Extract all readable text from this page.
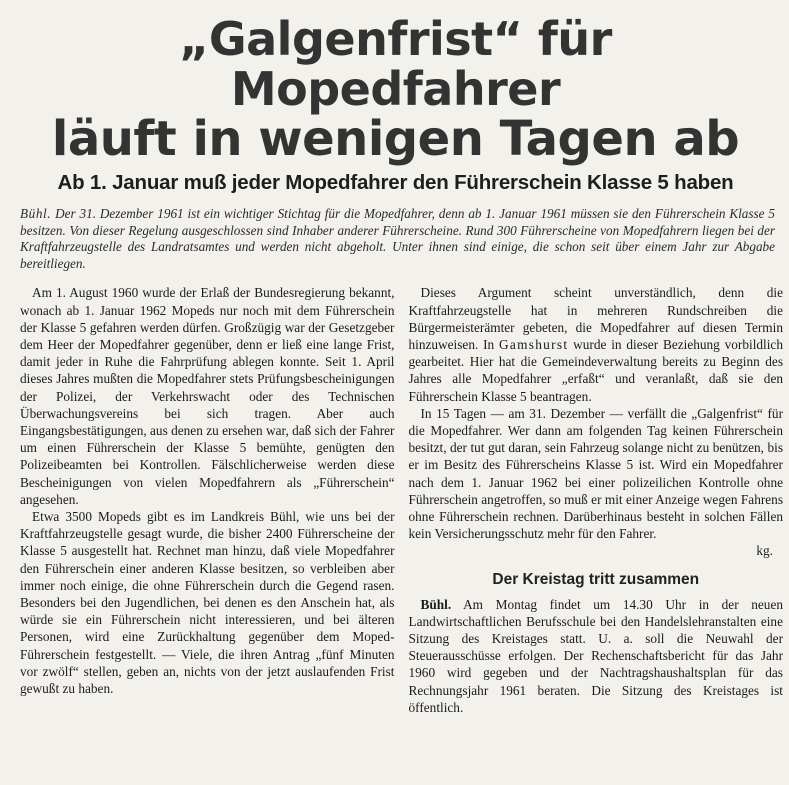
„Galgenfrist“ für Mopedfahrer
läuft in wenigen Tagen ab
Ab 1. Januar muß jeder Mopedfahrer den Führerschein Klasse 5 haben
Bühl. Der 31. Dezember 1961 ist ein wichtiger Stichtag für die Mopedfahrer, denn ab 1. Januar 1961 müssen sie den Führerschein Klasse 5 besitzen. Von dieser Regelung ausgeschlossen sind Inhaber anderer Führerscheine. Rund 300 Führerscheine von Mopedfahrern liegen bei der Kraftfahrzeugstelle des Landratsamtes und werden nicht abgeholt. Unter ihnen sind einige, die schon seit über einem Jahr zur Abgabe bereitliegen.

Am 1. August 1960 wurde der Erlaß der Bundesregierung bekannt, wonach ab 1. Januar 1962 Mopeds nur noch mit dem Führerschein der Klasse 5 gefahren werden dürfen. Großzügig war der Gesetzgeber dem Heer der Mopedfahrer gegenüber, denn er ließ eine lange Frist, damit jeder in Ruhe die Fahrprüfung ablegen konnte. Seit 1. April dieses Jahres mußten die Mopedfahrer stets Prüfungsbescheinigungen der Polizei, der Verkehrswacht oder des Technischen Überwachungsvereins bei sich tragen. Aber auch Eingangsbestätigungen, aus denen zu ersehen war, daß sich der Fahrer um einen Führerschein der Klasse 5 bemühte, genügten den Polizeibeamten bei Kontrollen. Fälschlicherweise werden diese Bescheinigungen von vielen Mopedfahrern als „Führerschein“ angesehen.

Etwa 3500 Mopeds gibt es im Landkreis Bühl, wie uns bei der Kraftfahrzeugstelle gesagt wurde, die bisher 2400 Führerscheine der Klasse 5 ausgestellt hat. Rechnet man hinzu, daß viele Mopedfahrer den Führerschein einer anderen Klasse besitzen, so verbleiben aber immer noch einige, die ohne Führerschein durch die Gegend rasen. Besonders bei den Jugendlichen, bei denen es den Anschein hat, als würde sie ein Führerschein nicht interessieren, und bei älteren Personen, wird eine Zurückhaltung gegenüber dem Moped-Führerschein festgestellt. — Viele, die ihren Antrag „fünf Minuten vor zwölf“ stellen, geben an, nichts von der jetzt auslaufenden Frist gewußt zu haben.

Dieses Argument scheint unverständlich, denn die Kraftfahrzeugstelle hat in mehreren Rundschreiben die Bürgermeisterämter gebeten, die Mopedfahrer auf diesen Termin hinzuweisen. In Gamshurst wurde in dieser Beziehung vorbildlich gearbeitet. Hier hat die Gemeindeverwaltung bereits zu Beginn des Jahres alle Mopedfahrer „erfaßt“ und veranlaßt, daß sie den Führerschein Klasse 5 beantragen.

In 15 Tagen — am 31. Dezember — verfällt die „Galgenfrist“ für die Mopedfahrer. Wer dann am folgenden Tag keinen Führerschein besitzt, der tut gut daran, sein Fahrzeug solange nicht zu benützen, bis er im Besitz des Führerscheins Klasse 5 ist. Wird ein Mopedfahrer nach dem 1. Januar 1962 bei einer polizeilichen Kontrolle ohne Führerschein angetroffen, so muß er mit einer Anzeige wegen Fahrens ohne Führerschein rechnen. Darüberhinaus besteht in solchen Fällen kein Versicherungsschutz mehr für den Fahrer.

kg.
Der Kreistag tritt zusammen

Bühl. Am Montag findet um 14.30 Uhr in der neuen Landwirtschaftlichen Berufsschule bei den Handelslehranstalten eine Sitzung des Kreistages statt. U. a. soll die Neuwahl der Steuerausschüsse erfolgen. Der Rechenschaftsbericht für das Jahr 1960 wird gegeben und der Nachtragshaushaltsplan für das Rechnungsjahr 1961 beraten. Die Sitzung des Kreistages ist öffentlich.
